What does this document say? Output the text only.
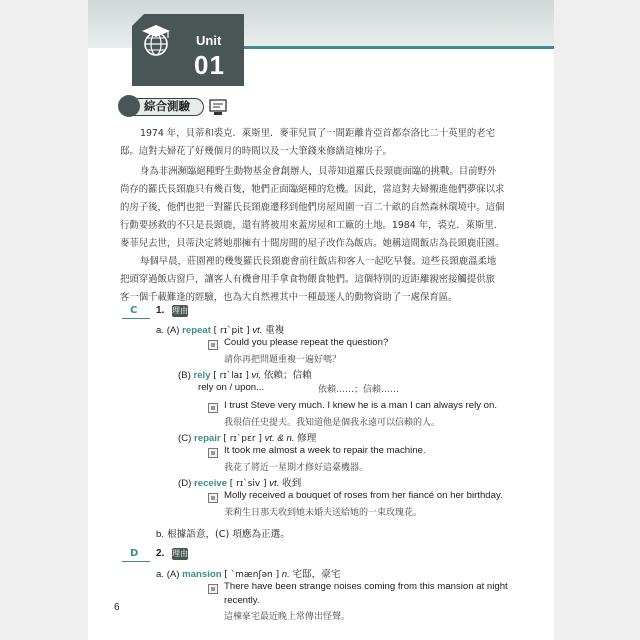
Unit
01
綜合測驗
1974 年，貝蒂和裘克．萊斯里．麥菲兒買了一間距離肯亞首都奈洛比二十英里的老宅
邸。這對夫婦花了好幾個月的時間以及一大筆錢來修繕這棟房子。
身為非洲瀕臨絕種野生動物基金會創辦人，貝蒂知道羅氏長頸鹿面臨的挑戰。目前野外
尚存的羅氏長頸鹿只有幾百隻，牠們正面臨絕種的危機。因此，當這對夫婦搬進他們夢寐以求
的房子後，他們也把一對羅氏長頸鹿遷移到他們房屋周圍一百二十畝的自然森林環境中。這個
行動要拯救的不只是長頸鹿，還有將被用來蓋房屋和工廠的土地。1984 年，裘克．萊斯里．
麥菲兒去世，貝蒂決定將她那擁有十間房間的屋子改作為飯店。她稱這間飯店為長頸鹿莊園。
每個早晨，莊園裡的幾隻羅氏長頸鹿會前往飯店和客人一起吃早餐。這些長頸鹿溫柔地
把頭穿過飯店窗戶，讓客人有機會用手拿食物餵食牠們。這個特別的近距離親密接觸提供旅
客一個千載難逢的經驗，也為大自然裡其中一種最迷人的動物資助了一處保育區。
C 1. 理由
a. (A) repeat [ rɪˋpit ] vt. 重複
Could you please repeat the question?
請你再把問題重複一遍好嗎？
(B) rely [ rɪˋlaɪ ] vi. 依賴；信賴
rely on / upon...	依賴……；信賴……
I trust Steve very much. I knew he is a man I can always rely on.
我很信任史提夫。我知道他是個我永遠可以信賴的人。
(C) repair [ rɪˋpɛr ] vt. & n. 修理
It took me almost a week to repair the machine.
我花了將近一星期才修好這臺機器。
(D) receive [ rɪˋsiv ] vt. 收到
Molly received a bouquet of roses from her fiancé on her birthday.
茉莉生日那天收到她未婚夫送給她的一束玫瑰花。
b. 根據語意，(C) 項應為正選。
D 2. 理由
a. (A) mansion [ ˋmænʃən ] n. 宅邸，豪宅
There have been strange noises coming from this mansion at night
recently.
這棟豪宅最近晚上常傳出怪聲。
6
